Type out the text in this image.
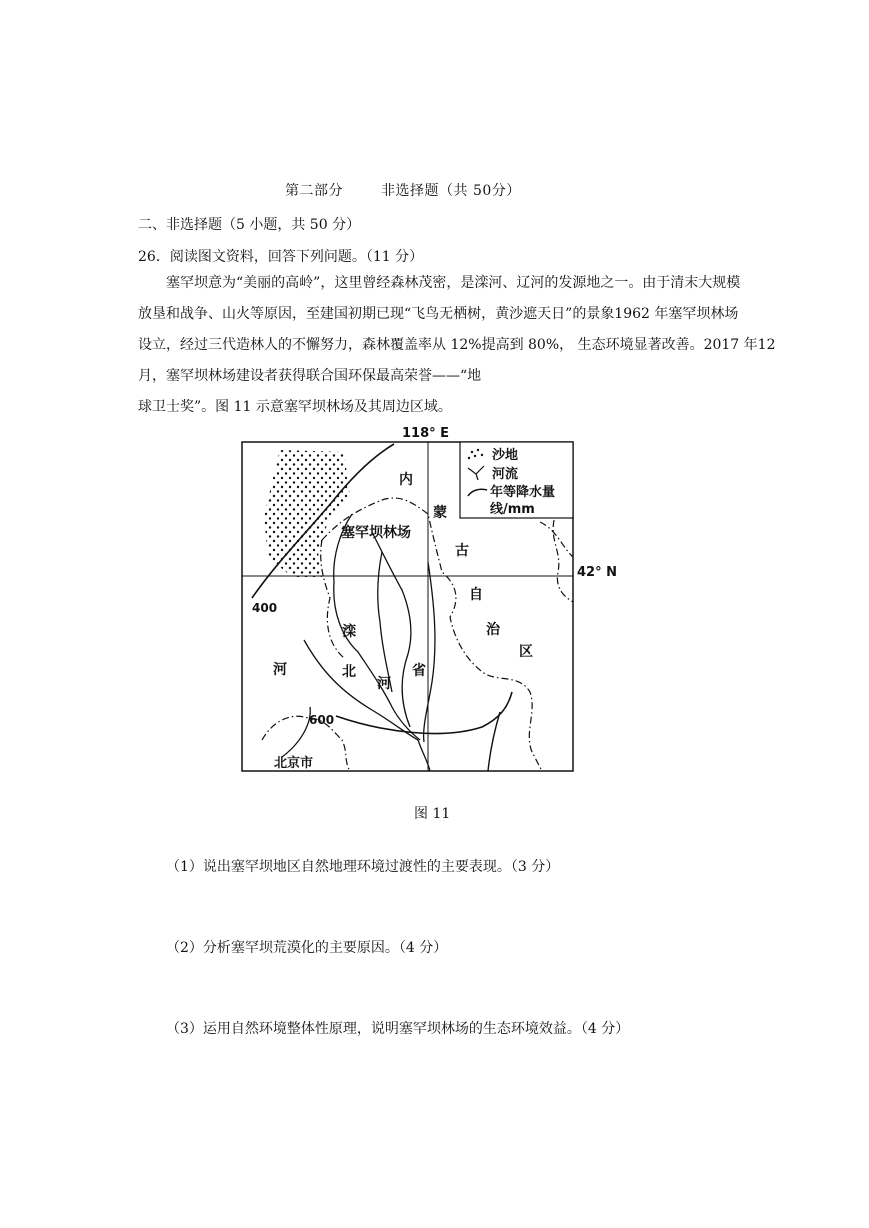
第二部分	非选择题（共 50分）
二、非选择题（5 小题，共 50 分）
26．阅读图文资料，回答下列问题。（11 分）
塞罕坝意为“美丽的高岭”，这里曾经森林茂密，是滦河、辽河的发源地之一。由于清末大规模
放垦和战争、山火等原因，至建国初期已现“飞鸟无栖树，黄沙遮天日”的景象1962 年塞罕坝林场
设立，经过三代造林人的不懈努力，森林覆盖率从 12%提高到 80%， 生态环境显著改善。2017 年12
月，塞罕坝林场建设者获得联合国环保最高荣誉——“地
球卫士奖”。图 11 示意塞罕坝林场及其周边区域。
沙地
河流
年等降水量
线/mm
118° E
42° N
内
蒙
古
自
治
区
塞罕坝林场
滦
河	北
河
省
400
600
北京市
图 11
（1）说出塞罕坝地区自然地理环境过渡性的主要表现。（3 分）
（2）分析塞罕坝荒漠化的主要原因。（4 分）
（3）运用自然环境整体性原理，说明塞罕坝林场的生态环境效益。（4 分）
